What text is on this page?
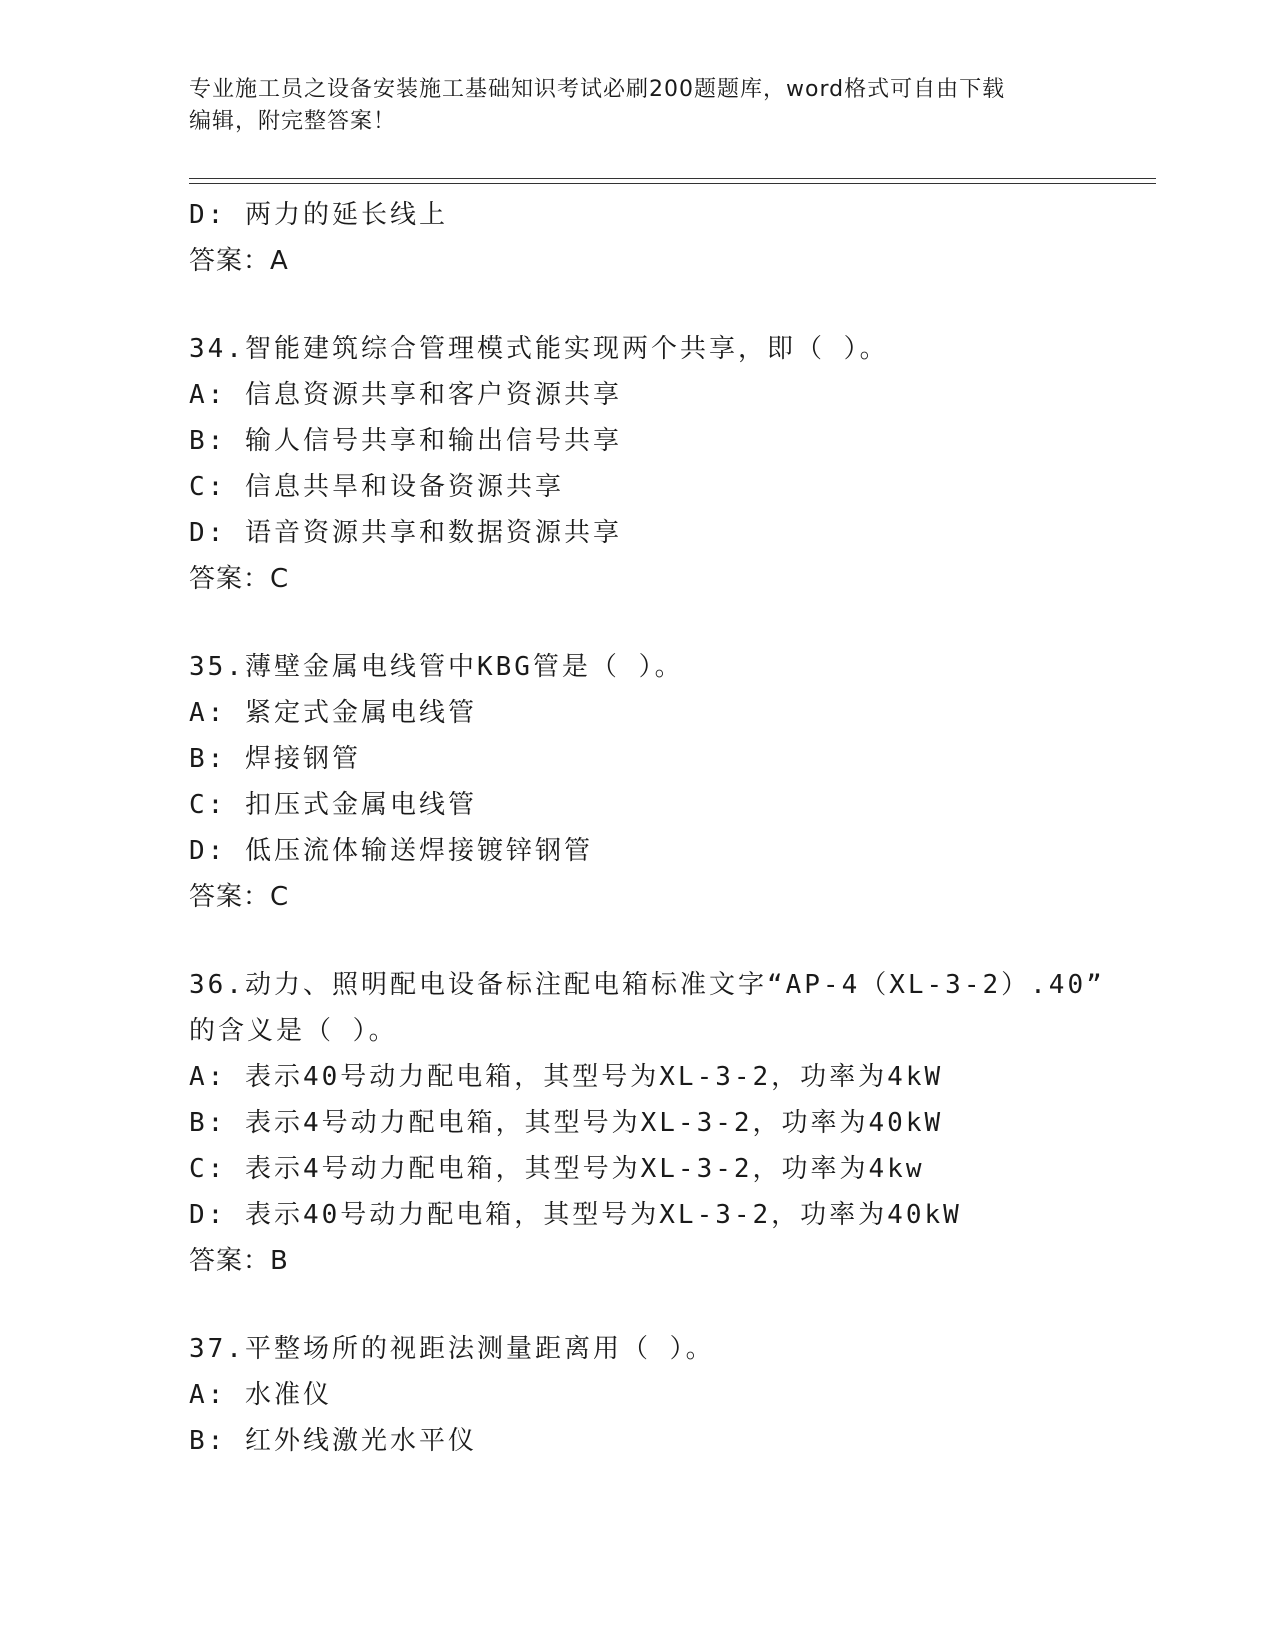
专业施工员之设备安装施工基础知识考试必刷200题题库，word格式可自由下载
编辑，附完整答案！
D: 两力的延长线上
答案：A
34.智能建筑综合管理模式能实现两个共享，即（ ）。
A: 信息资源共享和客户资源共享
B: 输人信号共享和输出信号共享
C: 信息共旱和设备资源共享
D: 语音资源共享和数据资源共享
答案：C
35.薄壁金属电线管中KBG管是（ ）。
A: 紧定式金属电线管
B: 焊接钢管
C: 扣压式金属电线管
D: 低压流体输送焊接镀锌钢管
答案：C
36.动力、照明配电设备标注配电箱标准文字“AP-4（XL-3-2）.40”
的含义是（ ）。
A: 表示40号动力配电箱，其型号为XL-3-2，功率为4kW
B: 表示4号动力配电箱，其型号为XL-3-2，功率为40kW
C: 表示4号动力配电箱，其型号为XL-3-2，功率为4kw
D: 表示40号动力配电箱，其型号为XL-3-2，功率为40kW
答案：B
37.平整场所的视距法测量距离用（ ）。
A: 水准仪
B: 红外线激光水平仪
